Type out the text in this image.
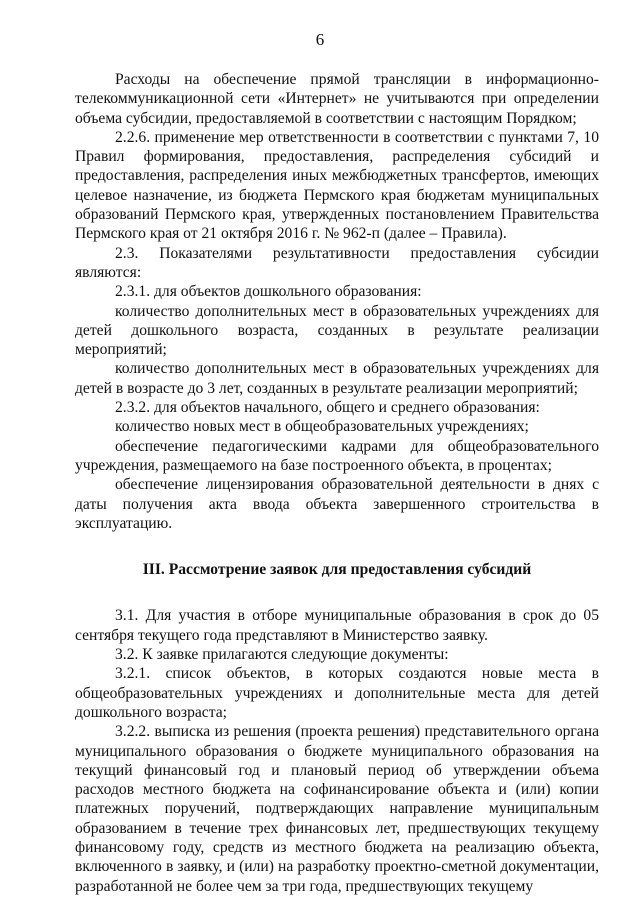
6

Расходы на обеспечение прямой трансляции в информационно-телекоммуникационной сети «Интернет» не учитываются при определении объема субсидии, предоставляемой в соответствии с настоящим Порядком;

2.2.6. применение мер ответственности в соответствии с пунктами 7, 10 Правил формирования, предоставления, распределения субсидий и предоставления, распределения иных межбюджетных трансфертов, имеющих целевое назначение, из бюджета Пермского края бюджетам муниципальных образований Пермского края, утвержденных постановлением Правительства Пермского края от 21 октября 2016 г. № 962-п (далее – Правила).

2.3. Показателями результативности предоставления субсидии являются:

2.3.1. для объектов дошкольного образования:

количество дополнительных мест в образовательных учреждениях для детей дошкольного возраста, созданных в результате реализации мероприятий;

количество дополнительных мест в образовательных учреждениях для детей в возрасте до 3 лет, созданных в результате реализации мероприятий;

2.3.2. для объектов начального, общего и среднего образования:

количество новых мест в общеобразовательных учреждениях;

обеспечение педагогическими кадрами для общеобразовательного учреждения, размещаемого на базе построенного объекта, в процентах;

обеспечение лицензирования образовательной деятельности в днях с даты получения акта ввода объекта завершенного строительства в эксплуатацию.

III. Рассмотрение заявок для предоставления субсидий

3.1. Для участия в отборе муниципальные образования в срок до 05 сентября текущего года представляют в Министерство заявку.

3.2. К заявке прилагаются следующие документы:

3.2.1. список объектов, в которых создаются новые места в общеобразовательных учреждениях и дополнительные места для детей дошкольного возраста;

3.2.2. выписка из решения (проекта решения) представительного органа муниципального образования о бюджете муниципального образования на текущий финансовый год и плановый период об утверждении объема расходов местного бюджета на софинансирование объекта и (или) копии платежных поручений, подтверждающих направление муниципальным образованием в течение трех финансовых лет, предшествующих текущему финансовому году, средств из местного бюджета на реализацию объекта, включенного в заявку, и (или) на разработку проектно-сметной документации, разработанной не более чем за три года, предшествующих текущему
